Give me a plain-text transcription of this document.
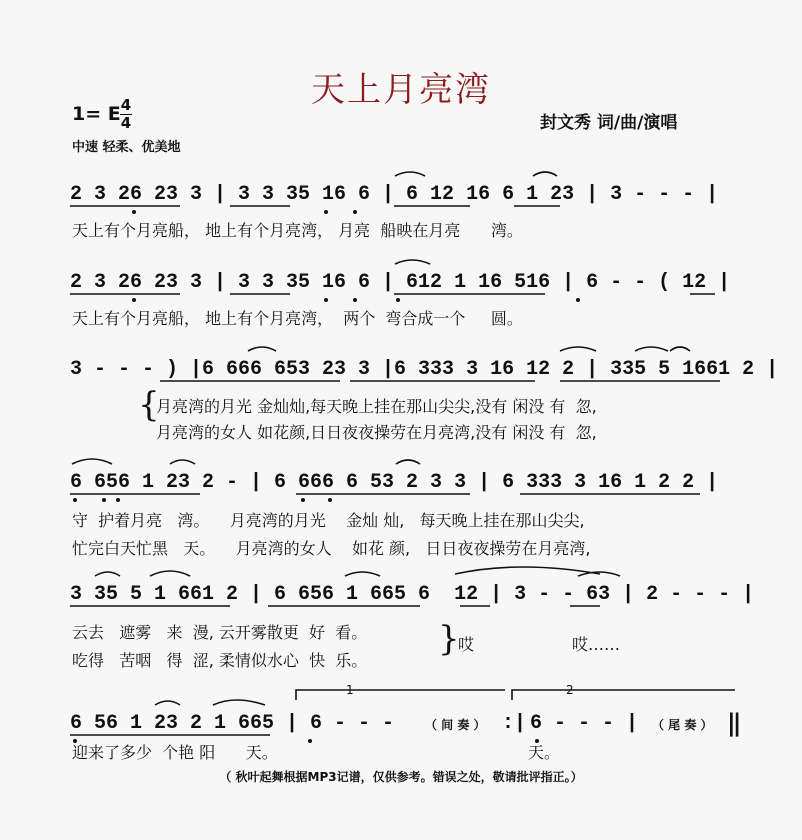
天上月亮湾
1= E 4
4	封文秀 词/曲/演唱
中速 轻柔、优美地
2 3 26 23 3 | 3 3 35 16 6 | 6 12 16 6 1 23 | 3 - - - |
天上有个月亮船， 地上有个月亮湾， 月亮  船映在月亮      湾。
2 3 26 23 3 | 3 3 35 16 6 | 612 1 16 516 | 6 - - ( 12 |
天上有个月亮船， 地上有个月亮湾，  两个  弯合成一个     圆。
3 - - - ) |6 666 653 23 3 |6 333 3 16 12 2 | 335 5 1661 2 |
{
月亮湾的月光 金灿灿,每天晚上挂在那山尖尖,没有 闲没 有  忽,
月亮湾的女人 如花颜,日日夜夜操劳在月亮湾,没有 闲没 有  忽,
6 656 1 23 2 - | 6 666 6 53 2 3 3 | 6 333 3 16 1 2 2 |
守  护着月亮   湾。    月亮湾的月光    金灿 灿,   每天晚上挂在那山尖尖,
忙完白天忙黑   天。    月亮湾的女人    如花 颜,   日日夜夜操劳在月亮湾,
3 35 5 1 661 2 | 6 656 1 665 6  12 | 3 - - 63 | 2 - - - |
云去   遮雾   来  漫, 云开雾散更  好  看。
吃得   苦咽   得  涩, 柔情似水心  快  乐。
}
哎	哎……
1	2
6 56 1 23 2 1 665 | 6 - - -	（ 间 奏 ） :| 6 - - - | （ 尾 奏 ） ‖
迎来了多少  个艳 阳      天。	天。
（ 秋叶起舞根据MP3记谱，仅供参考。错误之处，敬请批评指正。）
